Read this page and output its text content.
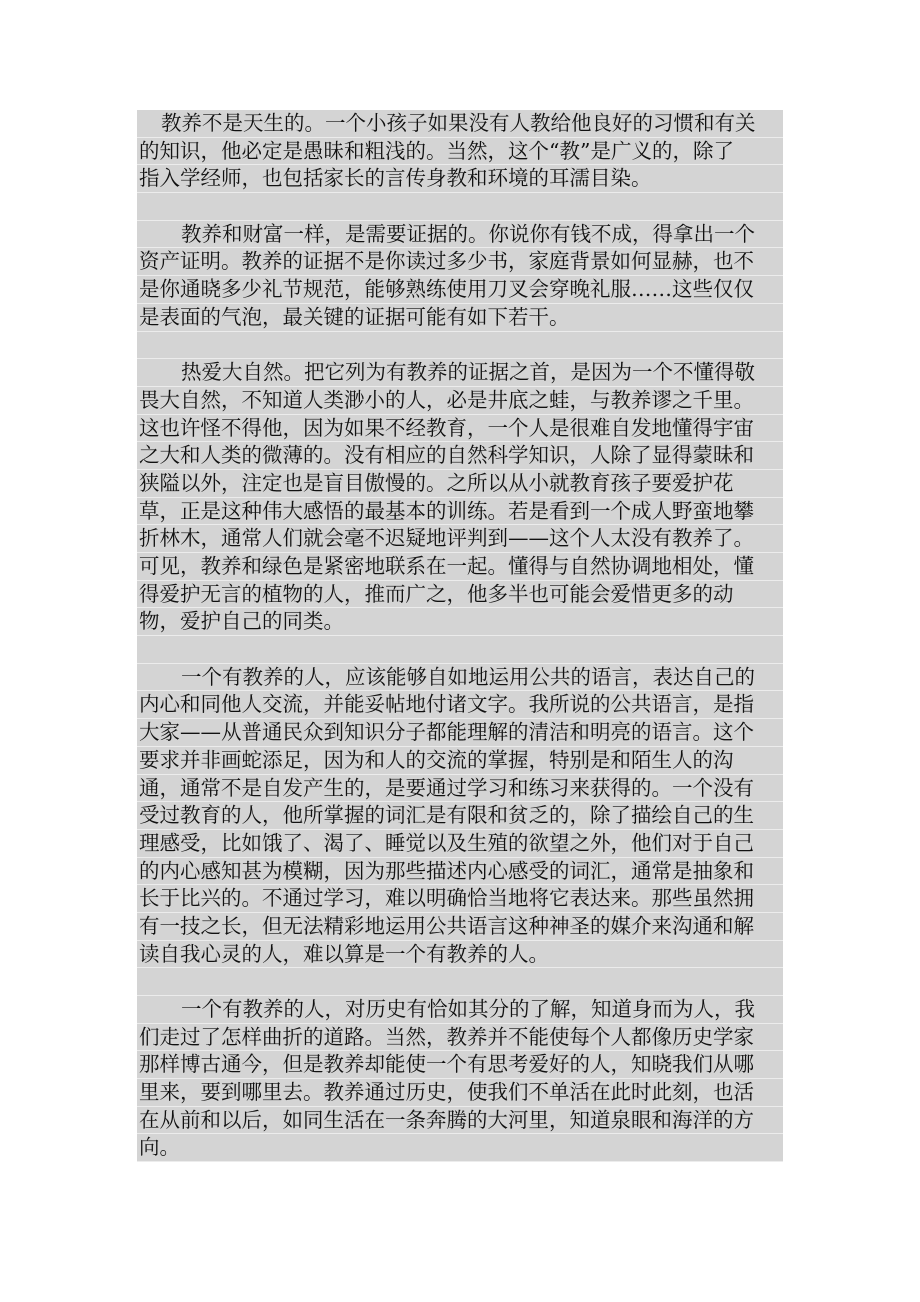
教养不是天生的。一个小孩子如果没有人教给他良好的习惯和有关
的知识，他必定是愚昧和粗浅的。当然，这个“教”是广义的，除了
指入学经师，也包括家长的言传身教和环境的耳濡目染。
教养和财富一样，是需要证据的。你说你有钱不成，得拿出一个
资产证明。教养的证据不是你读过多少书，家庭背景如何显赫，也不
是你通晓多少礼节规范，能够熟练使用刀叉会穿晚礼服……这些仅仅
是表面的气泡，最关键的证据可能有如下若干。
热爱大自然。把它列为有教养的证据之首，是因为一个不懂得敬
畏大自然，不知道人类渺小的人，必是井底之蛙，与教养谬之千里。
这也许怪不得他，因为如果不经教育，一个人是很难自发地懂得宇宙
之大和人类的微薄的。没有相应的自然科学知识，人除了显得蒙昧和
狭隘以外，注定也是盲目傲慢的。之所以从小就教育孩子要爱护花
草，正是这种伟大感悟的最基本的训练。若是看到一个成人野蛮地攀
折林木，通常人们就会毫不迟疑地评判到——这个人太没有教养了。
可见，教养和绿色是紧密地联系在一起。懂得与自然协调地相处，懂
得爱护无言的植物的人，推而广之，他多半也可能会爱惜更多的动
物，爱护自己的同类。
一个有教养的人，应该能够自如地运用公共的语言，表达自己的
内心和同他人交流，并能妥帖地付诸文字。我所说的公共语言，是指
大家——从普通民众到知识分子都能理解的清洁和明亮的语言。这个
要求并非画蛇添足，因为和人的交流的掌握，特别是和陌生人的沟
通，通常不是自发产生的，是要通过学习和练习来获得的。一个没有
受过教育的人，他所掌握的词汇是有限和贫乏的，除了描绘自己的生
理感受，比如饿了、渴了、睡觉以及生殖的欲望之外，他们对于自己
的内心感知甚为模糊，因为那些描述内心感受的词汇，通常是抽象和
长于比兴的。不通过学习，难以明确恰当地将它表达来。那些虽然拥
有一技之长，但无法精彩地运用公共语言这种神圣的媒介来沟通和解
读自我心灵的人，难以算是一个有教养的人。
一个有教养的人，对历史有恰如其分的了解，知道身而为人，我
们走过了怎样曲折的道路。当然，教养并不能使每个人都像历史学家
那样博古通今，但是教养却能使一个有思考爱好的人，知晓我们从哪
里来，要到哪里去。教养通过历史，使我们不单活在此时此刻，也活
在从前和以后，如同生活在一条奔腾的大河里，知道泉眼和海洋的方
向。
